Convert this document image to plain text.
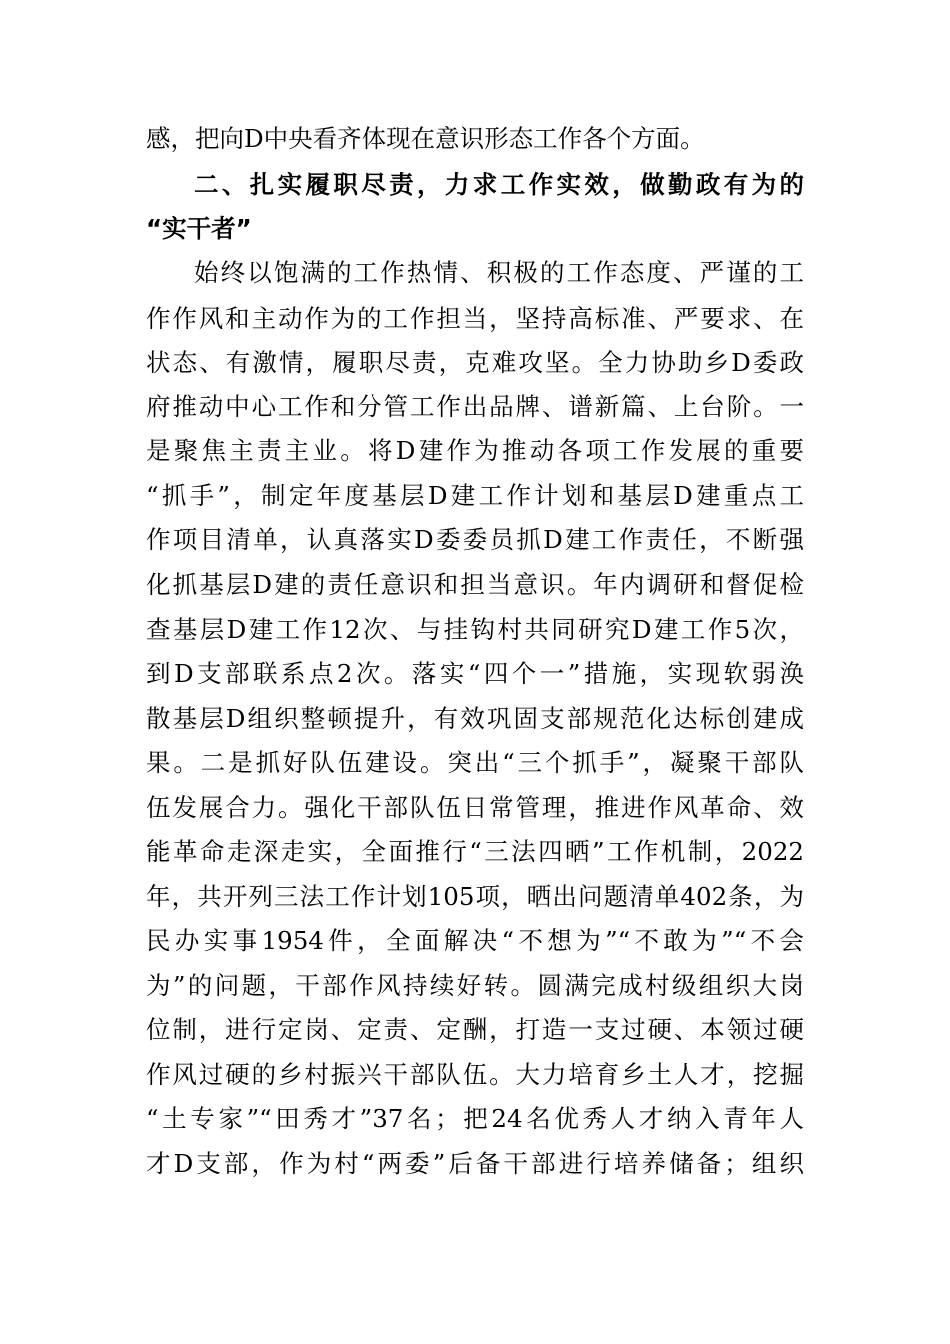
感，把向D中央看齐体现在意识形态工作各个方面。
二、扎实履职尽责，力求工作实效，做勤政有为的
“实干者”
始终以饱满的工作热情、积极的工作态度、严谨的工
作作风和主动作为的工作担当，坚持高标准、严要求、在
状态、有激情，履职尽责，克难攻坚。全力协助乡D委政
府推动中心工作和分管工作出品牌、谱新篇、上台阶。一
是聚焦主责主业。将D建作为推动各项工作发展的重要
“抓手”，制定年度基层D建工作计划和基层D建重点工
作项目清单，认真落实D委委员抓D建工作责任，不断强
化抓基层D建的责任意识和担当意识。年内调研和督促检
查基层D建工作12次、与挂钩村共同研究D建工作5次，
到D支部联系点2次。落实“四个一”措施，实现软弱涣
散基层D组织整顿提升，有效巩固支部规范化达标创建成
果。二是抓好队伍建设。突出“三个抓手”，凝聚干部队
伍发展合力。强化干部队伍日常管理，推进作风革命、效
能革命走深走实，全面推行“三法四晒”工作机制，2022
年，共开列三法工作计划105项，晒出问题清单402条，为
民办实事1954件，全面解决“不想为”“不敢为”“不会
为”的问题，干部作风持续好转。圆满完成村级组织大岗
位制，进行定岗、定责、定酬，打造一支过硬、本领过硬
作风过硬的乡村振兴干部队伍。大力培育乡土人才，挖掘
“土专家”“田秀才”37名；把24名优秀人才纳入青年人
才D支部，作为村“两委”后备干部进行培养储备；组织
